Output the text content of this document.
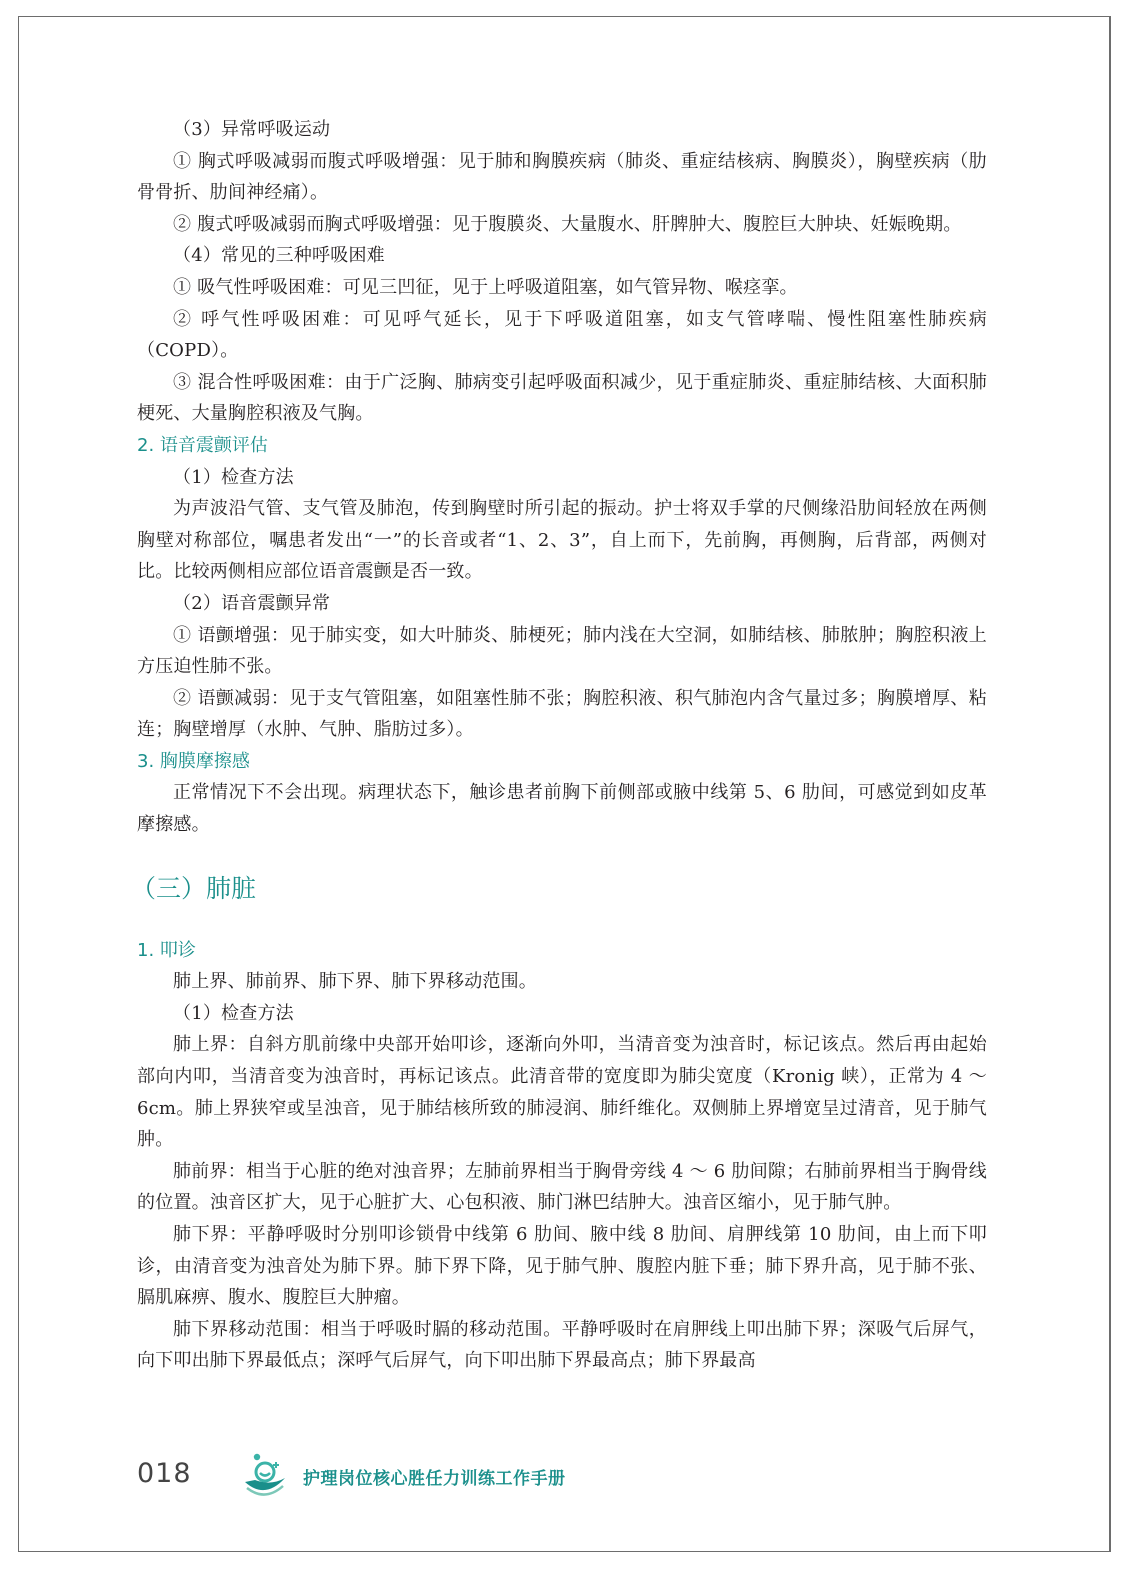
（3）异常呼吸运动

① 胸式呼吸减弱而腹式呼吸增强：见于肺和胸膜疾病（肺炎、重症结核病、胸膜炎），胸壁疾病（肋骨骨折、肋间神经痛）。

② 腹式呼吸减弱而胸式呼吸增强：见于腹膜炎、大量腹水、肝脾肿大、腹腔巨大肿块、妊娠晚期。

（4）常见的三种呼吸困难

① 吸气性呼吸困难：可见三凹征，见于上呼吸道阻塞，如气管异物、喉痉挛。

② 呼气性呼吸困难：可见呼气延长，见于下呼吸道阻塞，如支气管哮喘、慢性阻塞性肺疾病（COPD）。

③ 混合性呼吸困难：由于广泛胸、肺病变引起呼吸面积减少，见于重症肺炎、重症肺结核、大面积肺梗死、大量胸腔积液及气胸。

2. 语音震颤评估

（1）检查方法

为声波沿气管、支气管及肺泡，传到胸壁时所引起的振动。护士将双手掌的尺侧缘沿肋间轻放在两侧胸壁对称部位，嘱患者发出“一”的长音或者“1、2、3”，自上而下，先前胸，再侧胸，后背部，两侧对比。比较两侧相应部位语音震颤是否一致。

（2）语音震颤异常

① 语颤增强：见于肺实变，如大叶肺炎、肺梗死；肺内浅在大空洞，如肺结核、肺脓肿；胸腔积液上方压迫性肺不张。

② 语颤减弱：见于支气管阻塞，如阻塞性肺不张；胸腔积液、积气肺泡内含气量过多；胸膜增厚、粘连；胸壁增厚（水肿、气肿、脂肪过多）。

3. 胸膜摩擦感

正常情况下不会出现。病理状态下，触诊患者前胸下前侧部或腋中线第 5、6 肋间，可感觉到如皮革摩擦感。

（三）肺脏
1. 叩诊

肺上界、肺前界、肺下界、肺下界移动范围。

（1）检查方法

肺上界：自斜方肌前缘中央部开始叩诊，逐渐向外叩，当清音变为浊音时，标记该点。然后再由起始部向内叩，当清音变为浊音时，再标记该点。此清音带的宽度即为肺尖宽度（Kronig 峡），正常为 4 ～ 6cm。肺上界狭窄或呈浊音，见于肺结核所致的肺浸润、肺纤维化。双侧肺上界增宽呈过清音，见于肺气肿。

肺前界：相当于心脏的绝对浊音界；左肺前界相当于胸骨旁线 4 ～ 6 肋间隙；右肺前界相当于胸骨线的位置。浊音区扩大，见于心脏扩大、心包积液、肺门淋巴结肿大。浊音区缩小，见于肺气肿。

肺下界：平静呼吸时分别叩诊锁骨中线第 6 肋间、腋中线 8 肋间、肩胛线第 10 肋间，由上而下叩诊，由清音变为浊音处为肺下界。肺下界下降，见于肺气肿、腹腔内脏下垂；肺下界升高，见于肺不张、膈肌麻痹、腹水、腹腔巨大肿瘤。

肺下界移动范围：相当于呼吸时膈的移动范围。平静呼吸时在肩胛线上叩出肺下界；深吸气后屏气，向下叩出肺下界最低点；深呼气后屏气，向下叩出肺下界最高点；肺下界最高

018	护理岗位核心胜任力训练工作手册
